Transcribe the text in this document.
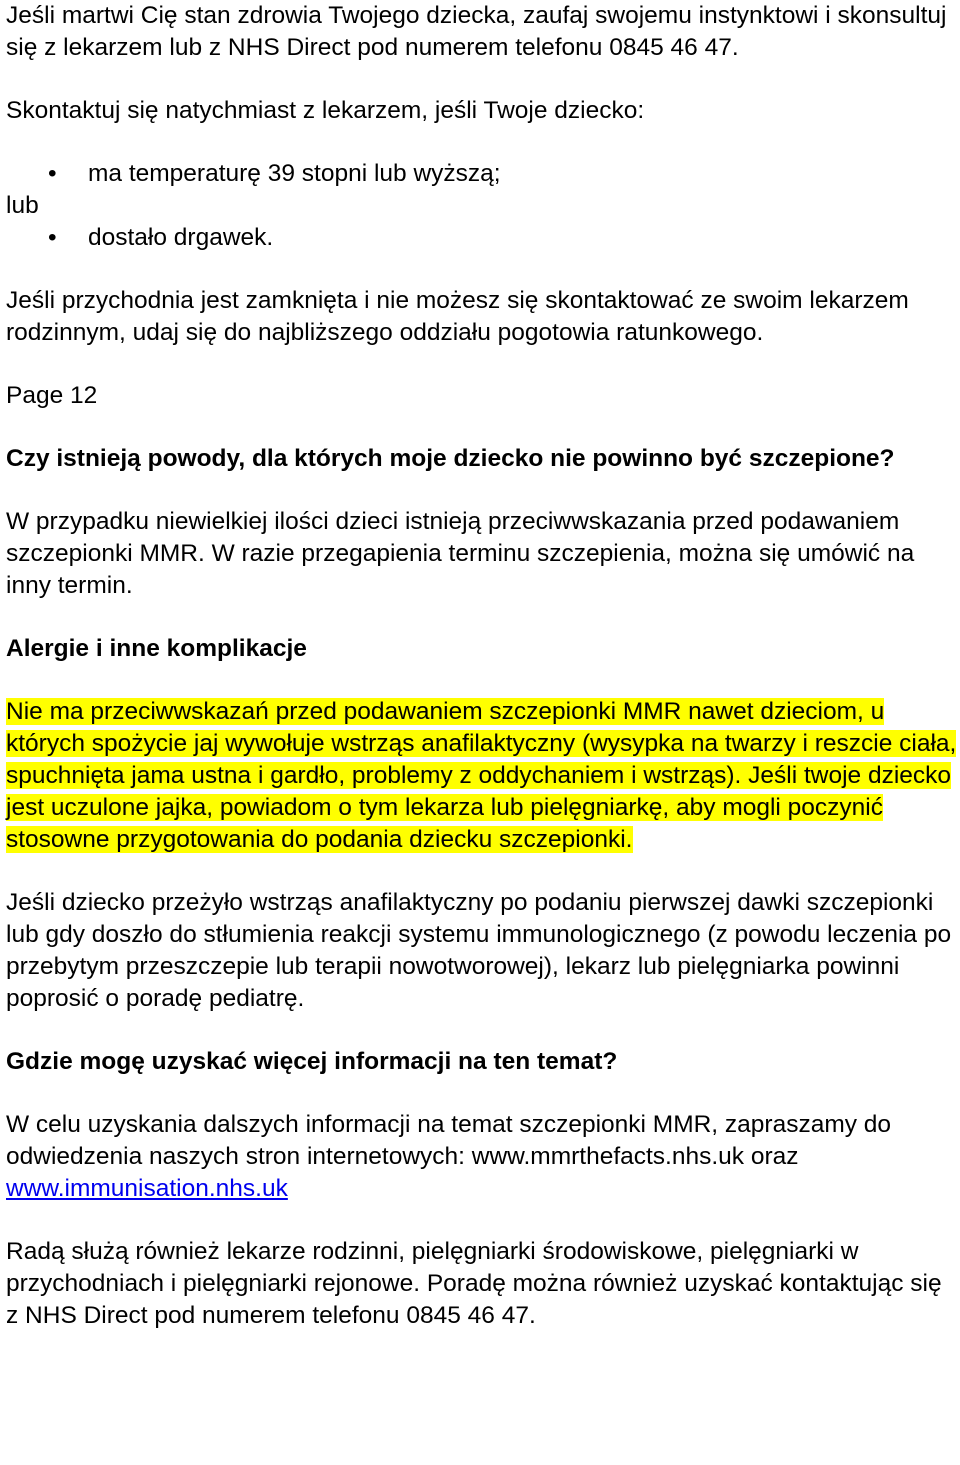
Jeśli martwi Cię stan zdrowia Twojego dziecka, zaufaj swojemu instynktowi i skonsultuj się z lekarzem lub z NHS Direct pod numerem telefonu 0845 46 47.

Skontaktuj się natychmiast z lekarzem, jeśli Twoje dziecko:

• ma temperaturę 39 stopni lub wyższą;

lub

• dostało drgawek.

Jeśli przychodnia jest zamknięta i nie możesz się skontaktować ze swoim lekarzem rodzinnym, udaj się do najbliższego oddziału pogotowia ratunkowego.

Page 12

Czy istnieją powody, dla których moje dziecko nie powinno być szczepione?

W przypadku niewielkiej ilości dzieci istnieją przeciwwskazania przed podawaniem szczepionki MMR. W razie przegapienia terminu szczepienia, można się umówić na inny termin.

Alergie i inne komplikacje

Nie ma przeciwwskazań przed podawaniem szczepionki MMR nawet dzieciom, u których spożycie jaj wywołuje wstrząs anafilaktyczny (wysypka na twarzy i reszcie ciała, spuchnięta jama ustna i gardło, problemy z oddychaniem i wstrząs). Jeśli twoje dziecko jest uczulone jajka, powiadom o tym lekarza lub pielęgniarkę, aby mogli poczynić stosowne przygotowania do podania dziecku szczepionki.

Jeśli dziecko przeżyło wstrząs anafilaktyczny po podaniu pierwszej dawki szczepionki lub gdy doszło do stłumienia reakcji systemu immunologicznego (z powodu leczenia po przebytym przeszczepie lub terapii nowotworowej), lekarz lub pielęgniarka powinni poprosić o poradę pediatrę.

Gdzie mogę uzyskać więcej informacji na ten temat?

W celu uzyskania dalszych informacji na temat szczepionki MMR, zapraszamy do odwiedzenia naszych stron internetowych: www.mmrthefacts.nhs.uk oraz www.immunisation.nhs.uk

Radą służą również lekarze rodzinni, pielęgniarki środowiskowe, pielęgniarki w przychodniach i pielęgniarki rejonowe. Poradę można również uzyskać kontaktując się z NHS Direct pod numerem telefonu 0845 46 47.
